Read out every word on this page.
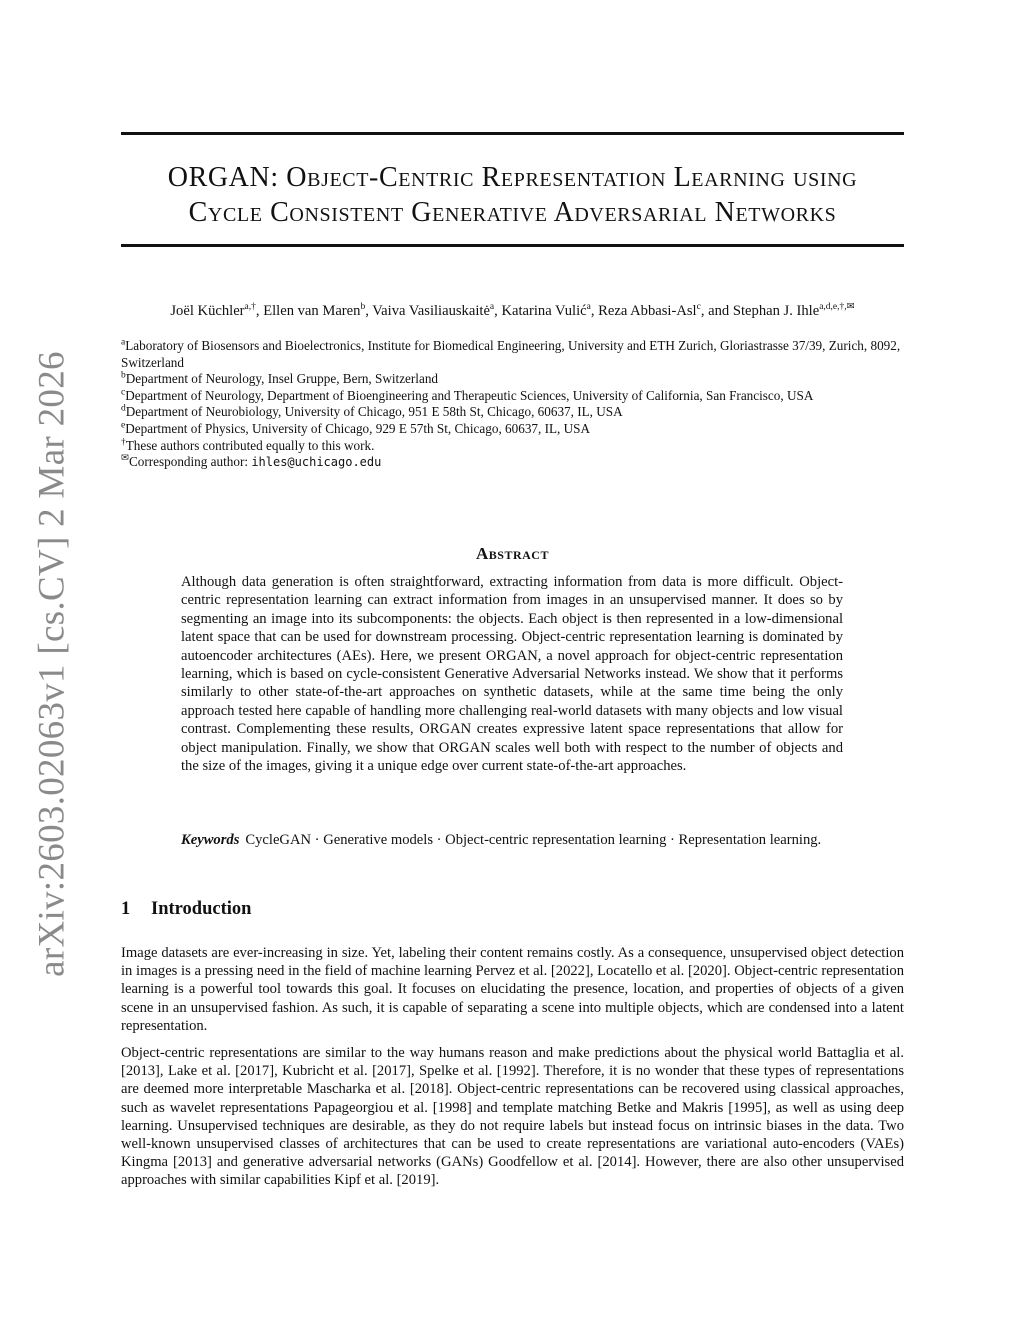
arXiv:2603.02063v1 [cs.CV] 2 Mar 2026
ORGAN: Object-Centric Representation Learning using
Cycle Consistent Generative Adversarial Networks
Joël Küchler$^{a,\dagger}$, Ellen van Maren$^b$, Vaiva Vasiliauskaitė$^a$, Katarina Vulić$^a$, Reza Abbasi-Asl$^c$, and Stephan J. Ihle$^{a,d,e,\dagger,✉}$
$^a$Laboratory of Biosensors and Bioelectronics, Institute for Biomedical Engineering, University and ETH Zurich, Gloriastrasse 37/39, Zurich, 8092, Switzerland
$^b$Department of Neurology, Insel Gruppe, Bern, Switzerland
$^c$Department of Neurology, Department of Bioengineering and Therapeutic Sciences, University of California, San Francisco, USA
$^d$Department of Neurobiology, University of Chicago, 951 E 58th St, Chicago, 60637, IL, USA
$^e$Department of Physics, University of Chicago, 929 E 57th St, Chicago, 60637, IL, USA
†These authors contributed equally to this work.
✉Corresponding author: ihles@uchicago.edu
Abstract
Although data generation is often straightforward, extracting information from data is more difficult. Object-centric representation learning can extract information from images in an unsupervised manner. It does so by segmenting an image into its subcomponents: the objects. Each object is then represented in a low-dimensional latent space that can be used for downstream processing. Object-centric representation learning is dominated by autoencoder architectures (AEs). Here, we present ORGAN, a novel approach for object-centric representation learning, which is based on cycle-consistent Generative Adversarial Networks instead. We show that it performs similarly to other state-of-the-art approaches on synthetic datasets, while at the same time being the only approach tested here capable of handling more challenging real-world datasets with many objects and low visual contrast. Complementing these results, ORGAN creates expressive latent space representations that allow for object manipulation. Finally, we show that ORGAN scales well both with respect to the number of objects and the size of the images, giving it a unique edge over current state-of-the-art approaches.
Keywords CycleGAN · Generative models · Object-centric representation learning · Representation learning.
1 Introduction
Image datasets are ever-increasing in size. Yet, labeling their content remains costly. As a consequence, unsupervised object detection in images is a pressing need in the field of machine learning Pervez et al. [2022], Locatello et al. [2020]. Object-centric representation learning is a powerful tool towards this goal. It focuses on elucidating the presence, location, and properties of objects of a given scene in an unsupervised fashion. As such, it is capable of separating a scene into multiple objects, which are condensed into a latent representation.
Object-centric representations are similar to the way humans reason and make predictions about the physical world Battaglia et al. [2013], Lake et al. [2017], Kubricht et al. [2017], Spelke et al. [1992]. Therefore, it is no wonder that these types of representations are deemed more interpretable Mascharka et al. [2018]. Object-centric representations can be recovered using classical approaches, such as wavelet representations Papageorgiou et al. [1998] and template matching Betke and Makris [1995], as well as using deep learning. Unsupervised techniques are desirable, as they do not require labels but instead focus on intrinsic biases in the data. Two well-known unsupervised classes of architectures that can be used to create representations are variational auto-encoders (VAEs) Kingma [2013] and generative adversarial networks (GANs) Goodfellow et al. [2014]. However, there are also other unsupervised approaches with similar capabilities Kipf et al. [2019].
